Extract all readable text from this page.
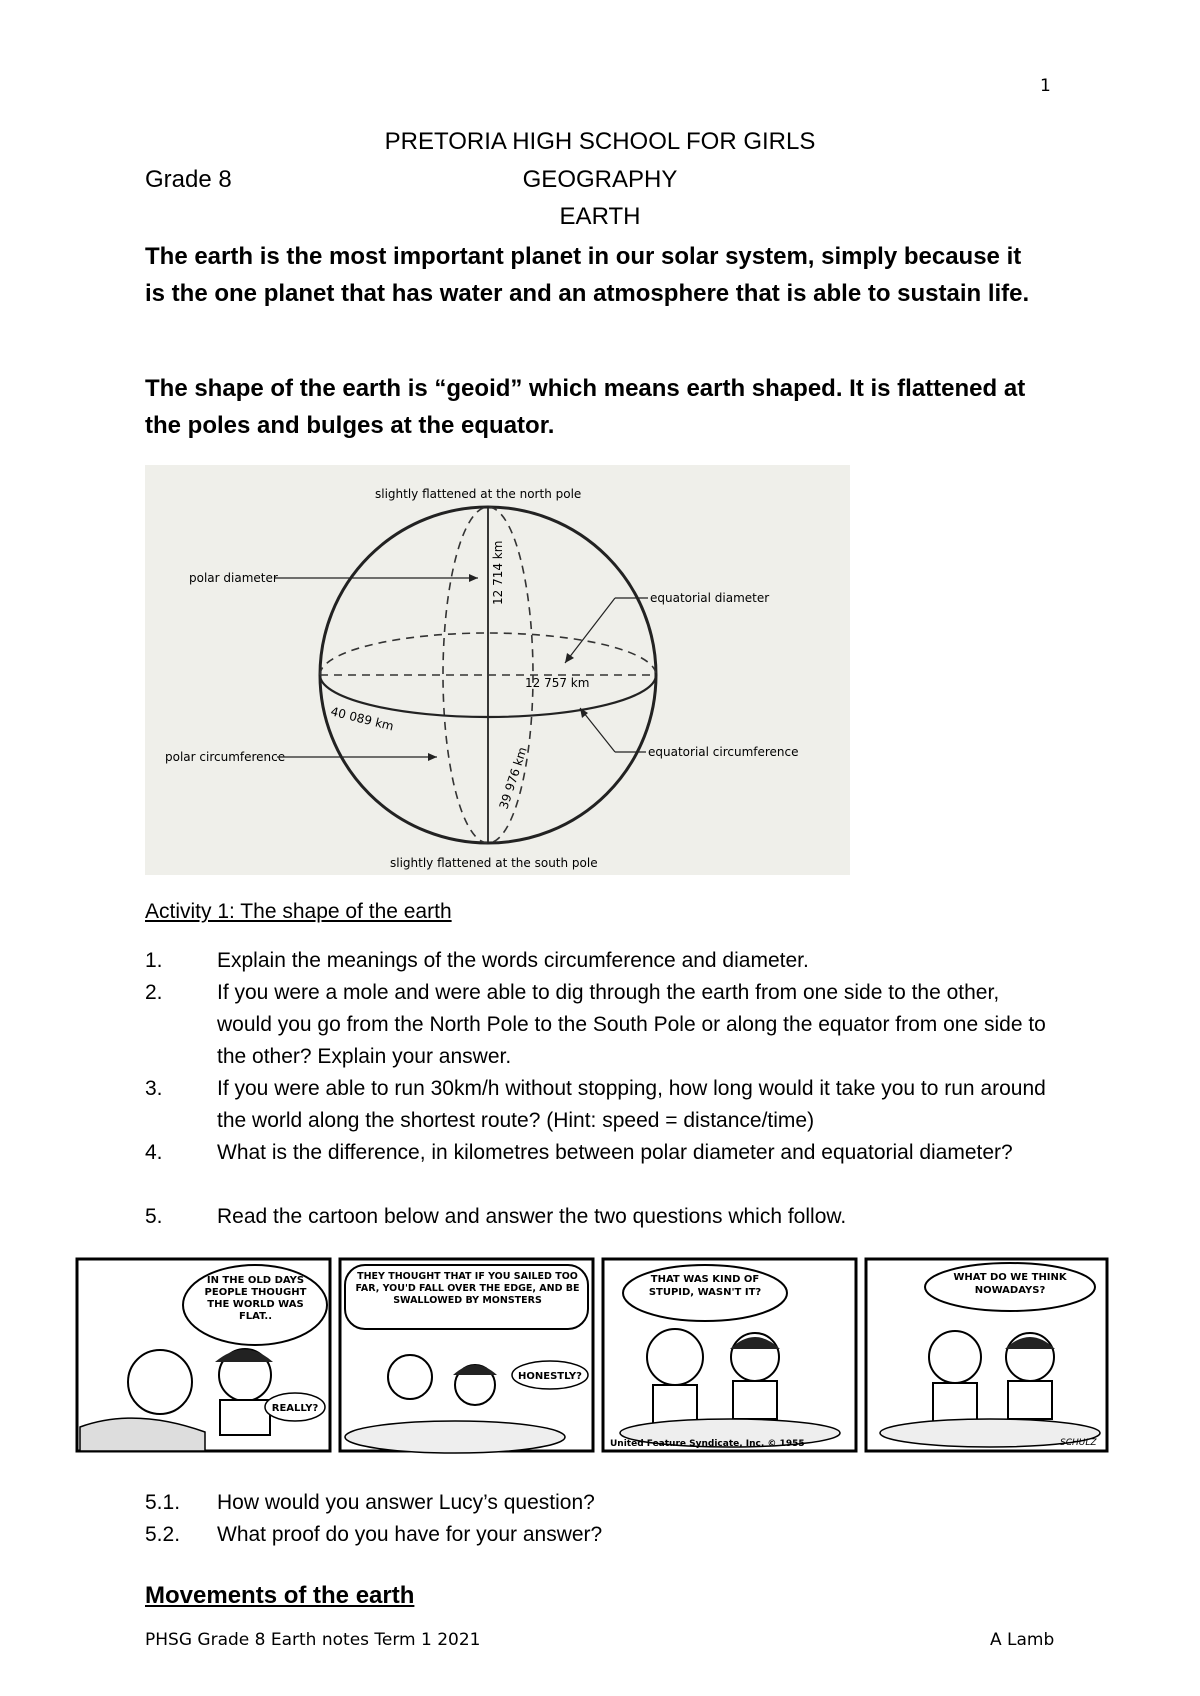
1
PRETORIA HIGH SCHOOL FOR GIRLS
Grade 8	GEOGRAPHY
EARTH
The earth is the most important planet in our solar system, simply because it is the one planet that has water and an atmosphere that is able to sustain life.
The shape of the earth is “geoid” which means earth shaped. It is flattened at the poles and bulges at the equator.
slightly flattened at the north pole
slightly flattened at the south pole
polar diameter	12 714 km	equatorial diameter
12 757 km
polar circumference
40 089 km
equatorial circumference
39 976 km
Activity 1: The shape of the earth
1.	Explain the meanings of the words circumference and diameter.
2.	If you were a mole and were able to dig through the earth from one side to the other, would you go from the North Pole to the South Pole or along the equator from one side to the other? Explain your answer.
3.	If you were able to run 30km/h without stopping, how long would it take you to run around the world along the shortest route? (Hint: speed = distance/time)
4.	What is the difference, in kilometres between polar diameter and equatorial diameter?
5.	Read the cartoon below and answer the two questions which follow.
IN THE OLD DAYS PEOPLE THOUGHT THE WORLD WAS FLAT..
REALLY?
THEY THOUGHT THAT IF YOU SAILED TOO FAR, YOU'D FALL OVER THE EDGE, AND BE SWALLOWED BY MONSTERS
HONESTLY?
THAT WAS KIND OF STUPID, WASN'T IT?
United Feature Syndicate, Inc. © 1955
WHAT DO WE THINK NOWADAYS?
SCHULZ
5.1.	How would you answer Lucy’s question?
5.2.	What proof do you have for your answer?
Movements of the earth
PHSG Grade 8 Earth notes Term 1 2021	A Lamb
